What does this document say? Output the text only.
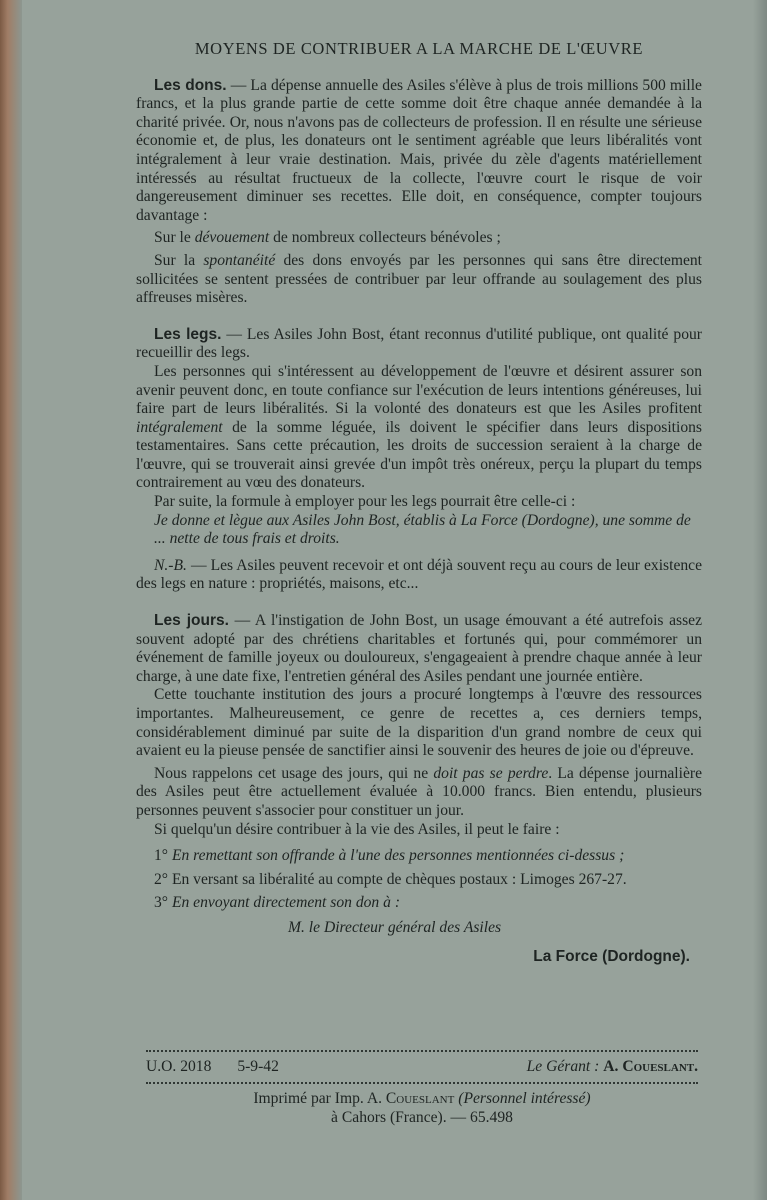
MOYENS DE CONTRIBUER A LA MARCHE DE L'ŒUVRE

Les dons. — La dépense annuelle des Asiles s'élève à plus de trois millions 500 mille francs, et la plus grande partie de cette somme doit être chaque année demandée à la charité privée. Or, nous n'avons pas de collecteurs de profession. Il en résulte une sérieuse économie et, de plus, les donateurs ont le sentiment agréable que leurs libéralités vont intégralement à leur vraie destination. Mais, privée du zèle d'agents matériellement intéressés au résultat fructueux de la collecte, l'œuvre court le risque de voir dangereusement diminuer ses recettes. Elle doit, en conséquence, compter toujours davantage :

Sur le dévouement de nombreux collecteurs bénévoles ;

Sur la spontanéité des dons envoyés par les personnes qui sans être directement sollicitées se sentent pressées de contribuer par leur offrande au soulagement des plus affreuses misères.

Les legs. — Les Asiles John Bost, étant reconnus d'utilité publique, ont qualité pour recueillir des legs.

Les personnes qui s'intéressent au développement de l'œuvre et désirent assurer son avenir peuvent donc, en toute confiance sur l'exécution de leurs intentions généreuses, lui faire part de leurs libéralités. Si la volonté des donateurs est que les Asiles profitent intégralement de la somme léguée, ils doivent le spécifier dans leurs dispositions testamentaires. Sans cette précaution, les droits de succession seraient à la charge de l'œuvre, qui se trouverait ainsi grevée d'un impôt très onéreux, perçu la plupart du temps contrairement au vœu des donateurs.

Par suite, la formule à employer pour les legs pourrait être celle-ci :

Je donne et lègue aux Asiles John Bost, établis à La Force (Dordogne), une somme de ... nette de tous frais et droits.

N.-B. — Les Asiles peuvent recevoir et ont déjà souvent reçu au cours de leur existence des legs en nature : propriétés, maisons, etc...

Les jours. — A l'instigation de John Bost, un usage émouvant a été autrefois assez souvent adopté par des chrétiens charitables et fortunés qui, pour commémorer un événement de famille joyeux ou douloureux, s'engageaient à prendre chaque année à leur charge, à une date fixe, l'entretien général des Asiles pendant une journée entière.

Cette touchante institution des jours a procuré longtemps à l'œuvre des ressources importantes. Malheureusement, ce genre de recettes a, ces derniers temps, considérablement diminué par suite de la disparition d'un grand nombre de ceux qui avaient eu la pieuse pensée de sanctifier ainsi le souvenir des heures de joie ou d'épreuve.

Nous rappelons cet usage des jours, qui ne doit pas se perdre. La dépense journalière des Asiles peut être actuellement évaluée à 10.000 francs. Bien entendu, plusieurs personnes peuvent s'associer pour constituer un jour.

Si quelqu'un désire contribuer à la vie des Asiles, il peut le faire :

1° En remettant son offrande à l'une des personnes mentionnées ci-dessus ;

2° En versant sa libéralité au compte de chèques postaux : Limoges 267-27.

3° En envoyant directement son don à :

M. le Directeur général des Asiles

La Force (Dordogne).

U.O. 2018 5-9-42	Le Gérant : A. Coueslant.
Imprimé par Imp. A. Coueslant (Personnel intéressé)
à Cahors (France). — 65.498
